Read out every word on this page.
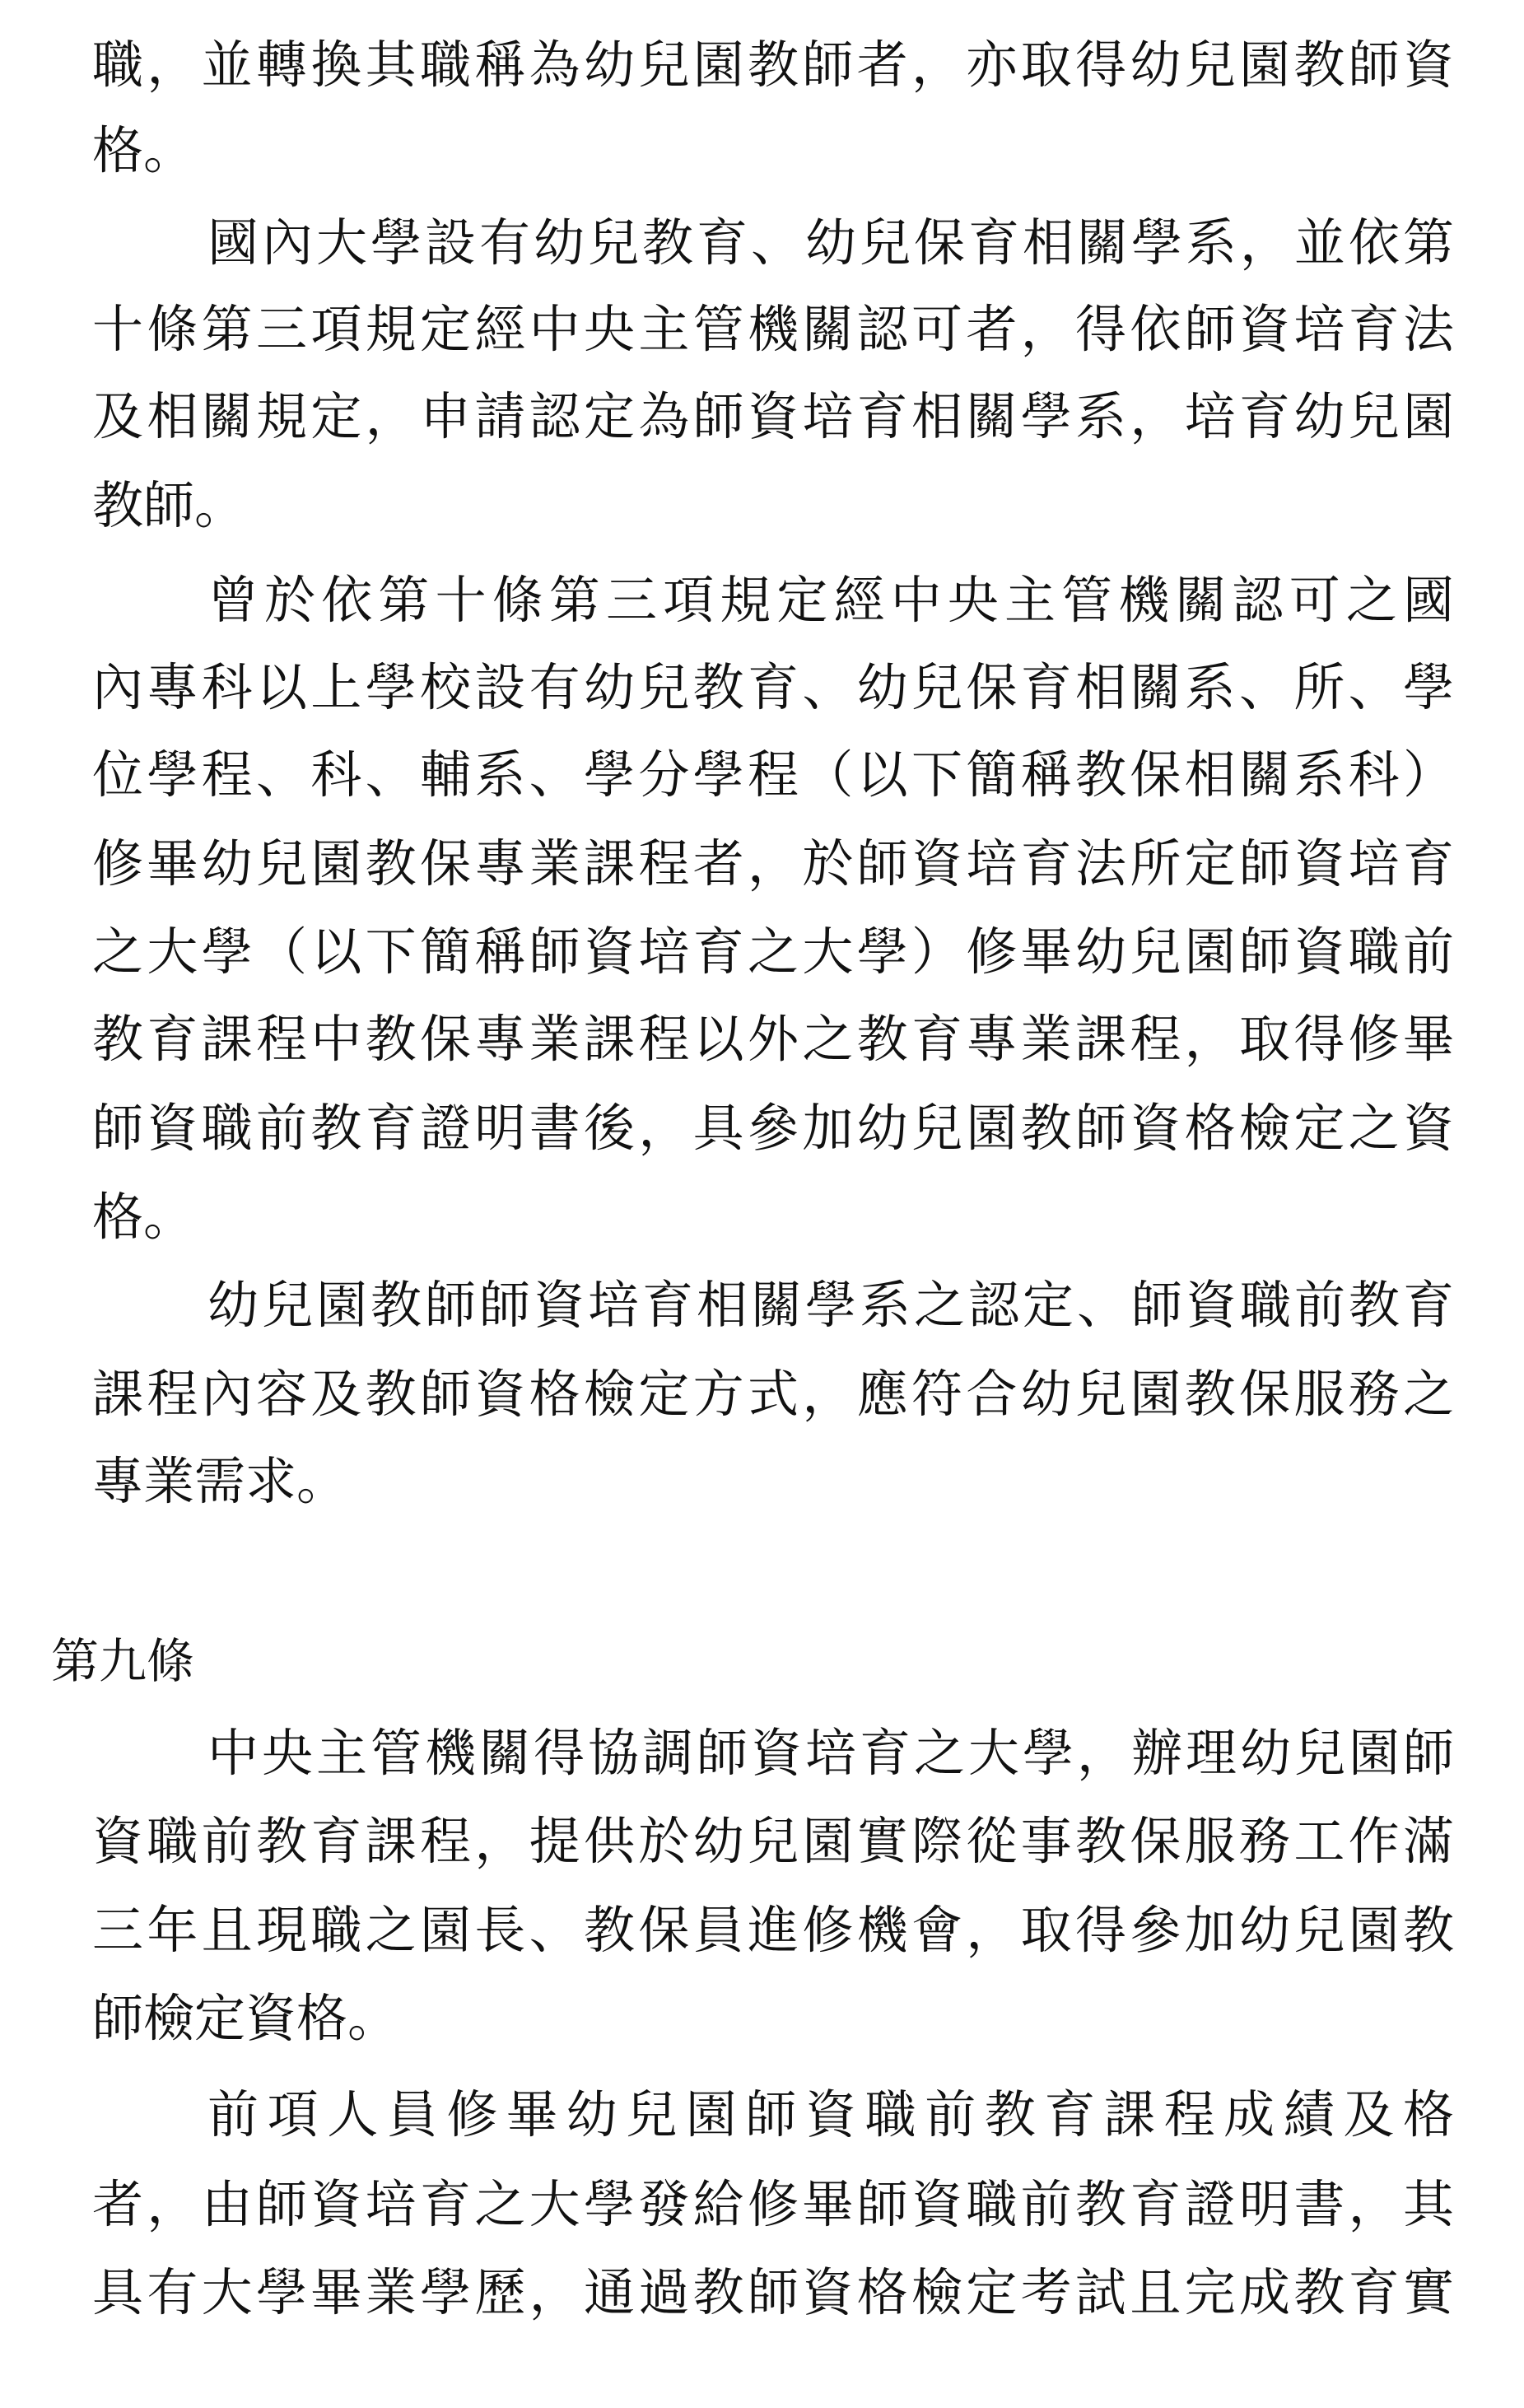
職，並轉換其職稱為幼兒園教師者，亦取得幼兒園教師資
格。
國內大學設有幼兒教育、幼兒保育相關學系，並依第
十條第三項規定經中央主管機關認可者，得依師資培育法
及相關規定，申請認定為師資培育相關學系，培育幼兒園
教師。
曾於依第十條第三項規定經中央主管機關認可之國
內專科以上學校設有幼兒教育、幼兒保育相關系、所、學
位學程、科、輔系、學分學程（以下簡稱教保相關系科）
修畢幼兒園教保專業課程者，於師資培育法所定師資培育
之大學（以下簡稱師資培育之大學）修畢幼兒園師資職前
教育課程中教保專業課程以外之教育專業課程，取得修畢
師資職前教育證明書後，具參加幼兒園教師資格檢定之資
格。
幼兒園教師師資培育相關學系之認定、師資職前教育
課程內容及教師資格檢定方式，應符合幼兒園教保服務之
專業需求。
第九條
中央主管機關得協調師資培育之大學，辦理幼兒園師
資職前教育課程，提供於幼兒園實際從事教保服務工作滿
三年且現職之園長、教保員進修機會，取得參加幼兒園教
師檢定資格。
前項人員修畢幼兒園師資職前教育課程成績及格
者，由師資培育之大學發給修畢師資職前教育證明書，其
具有大學畢業學歷，通過教師資格檢定考試且完成教育實
